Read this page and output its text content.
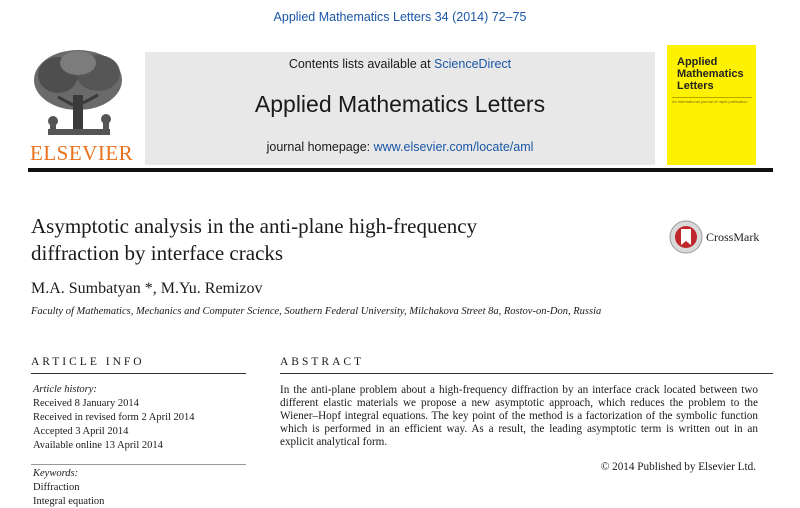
Applied Mathematics Letters 34 (2014) 72–75
ELSEVIER
Contents lists available at ScienceDirect
Applied Mathematics Letters
journal homepage: www.elsevier.com/locate/aml
Applied Mathematics Letters
An international journal of rapid publication
Asymptotic analysis in the anti-plane high-frequency
diffraction by interface cracks
CrossMark
M.A. Sumbatyan *, M.Yu. Remizov
Faculty of Mathematics, Mechanics and Computer Science, Southern Federal University, Milchakova Street 8a, Rostov-on-Don, Russia
ARTICLE INFO	ABSTRACT
Article history:
Received 8 January 2014
Received in revised form 2 April 2014
Accepted 3 April 2014
Available online 13 April 2014
Keywords:
Diffraction
Integral equation
In the anti-plane problem about a high-frequency diffraction by an interface crack located between two different elastic materials we propose a new asymptotic approach, which reduces the problem to the Wiener–Hopf integral equations. The key point of the method is a factorization of the symbolic function which is performed in an efficient way. As a result, the leading asymptotic term is written out in an explicit analytical form.
© 2014 Published by Elsevier Ltd.
